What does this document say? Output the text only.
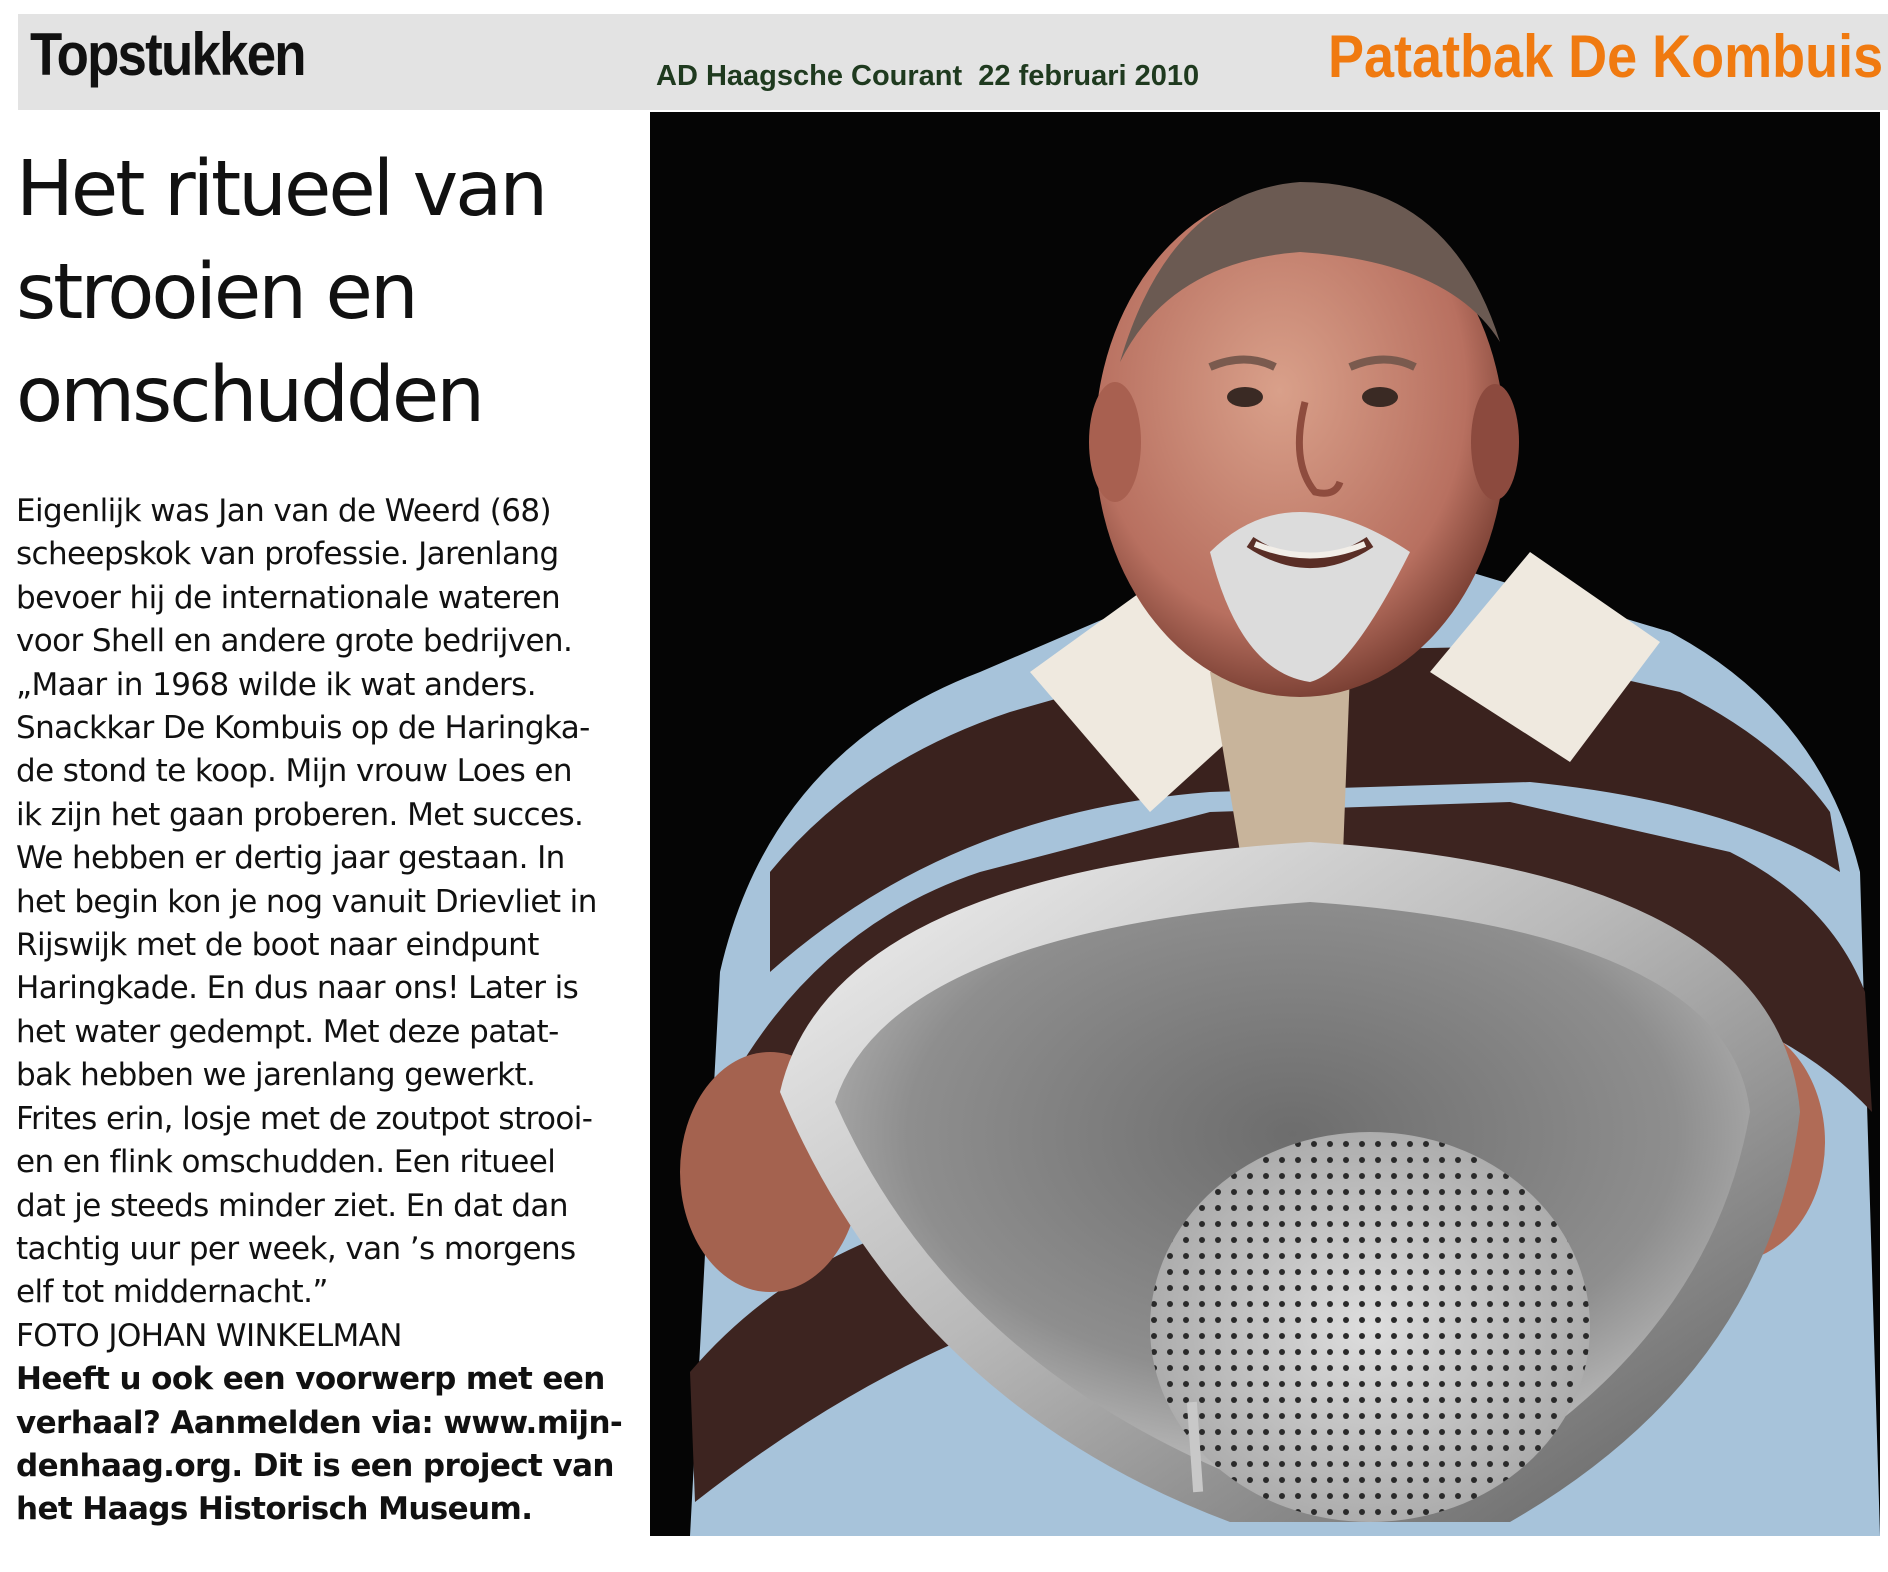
Topstukken	AD Haagsche Courant  22 februari 2010 Patatbak De Kombuis
Het ritueel van
strooien en
omschudden
Eigenlijk was Jan van de Weerd (68)
scheepskok van professie. Jarenlang
bevoer hij de internationale wateren
voor Shell en andere grote bedrijven.
„Maar in 1968 wilde ik wat anders.
Snackkar De Kombuis op de Haringka-
de stond te koop. Mijn vrouw Loes en
ik zijn het gaan proberen. Met succes.
We hebben er dertig jaar gestaan. In
het begin kon je nog vanuit Drievliet in
Rijswijk met de boot naar eindpunt
Haringkade. En dus naar ons! Later is
het water gedempt. Met deze patat-
bak hebben we jarenlang gewerkt.
Frites erin, losje met de zoutpot strooi-
en en flink omschudden. Een ritueel
dat je steeds minder ziet. En dat dan
tachtig uur per week, van ’s morgens
elf tot middernacht.”
FOTO JOHAN WINKELMAN
Heeft u ook een voorwerp met een
verhaal? Aanmelden via: www.mijn-
denhaag.org. Dit is een project van
het Haags Historisch Museum.
